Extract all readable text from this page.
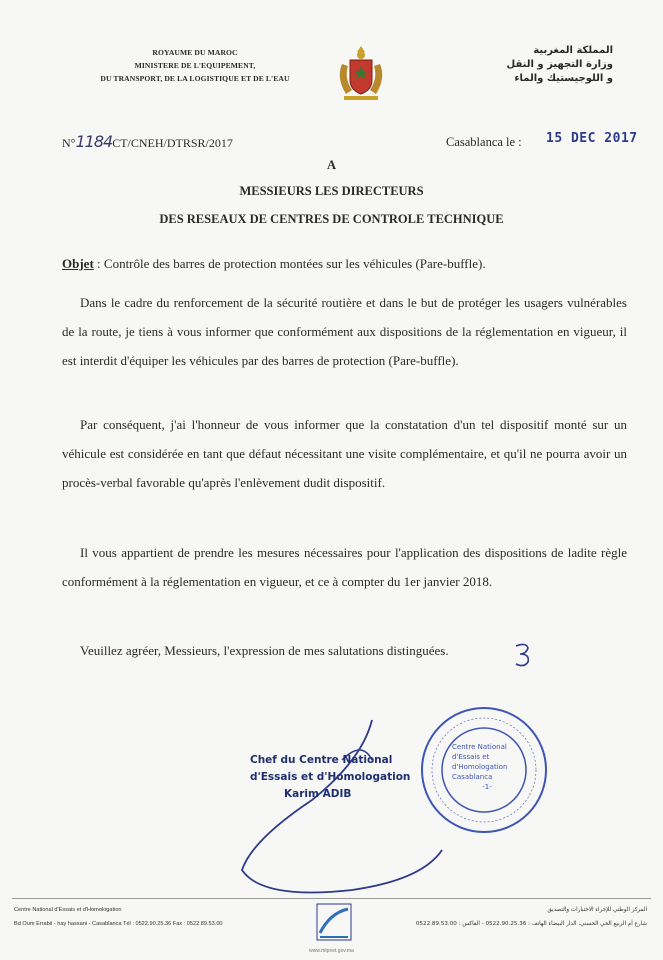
ROYAUME DU MAROC
MINISTERE DE L'EQUIPEMENT,
DU TRANSPORT, DE LA LOGISTIQUE ET DE L'EAU
المملكة المغربية
وزارة التجهيز و النقل
و اللوجيستيك والماء
N°1184CT/CNEH/DTRSR/2017	Casablanca le : 15 DEC 2017
A
MESSIEURS LES DIRECTEURS
DES RESEAUX DE CENTRES DE CONTROLE TECHNIQUE
Objet : Contrôle des barres de protection montées sur les véhicules (Pare-buffle).
Dans le cadre du renforcement de la sécurité routière et dans le but de protéger les usagers vulnérables de la route, je tiens à vous informer que conformément aux dispositions de la réglementation en vigueur, il est interdit d'équiper les véhicules par des barres de protection (Pare-buffle).
Par conséquent, j'ai l'honneur de vous informer que la constatation d'un tel dispositif monté sur un véhicule est considérée en tant que défaut nécessitant une visite complémentaire, et qu'il ne pourra avoir un procès-verbal favorable qu'après l'enlèvement dudit dispositif.
Il vous appartient de prendre les mesures nécessaires pour l'application des dispositions de ladite règle conformément à la réglementation en vigueur, et ce à compter du 1er janvier 2018.
Veuillez agréer, Messieurs, l'expression de mes salutations distinguées.
Chef du Centre National
d'Essais et d'Homologation
Karim ADIB
Centre National
d'Essais et
d'Homologation
Casablanca
-1-
Centre National d'Essais et d'Homologation
Bd Oum Errabii - hay hassani - Casablanca Tél : 0522.90.25.36 Fax : 0522.89.53.00
المركز الوطني للإجراء الاختبارات والتصديق
شارع أم الربيع الحي الحسني، الدار البيضاء الهاتف : 0522.90.25.36 - الفاكس : 0522.89.53.00
www.mtpnet.gov.ma
